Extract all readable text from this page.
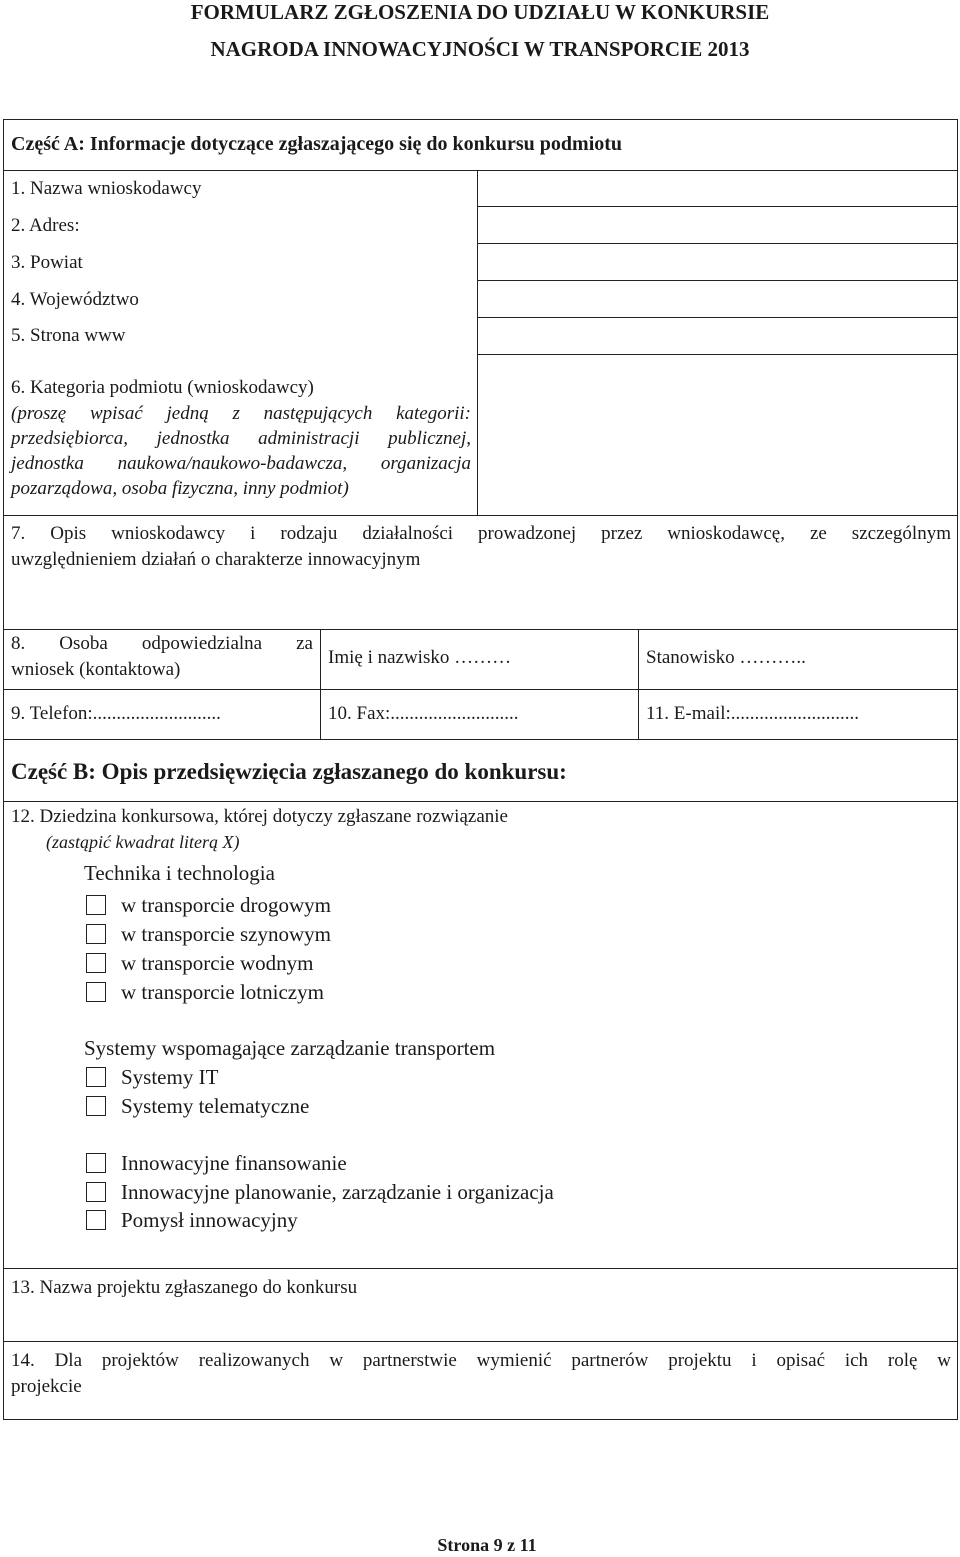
FORMULARZ ZGŁOSZENIA DO UDZIAŁU W KONKURSIE
NAGRODA INNOWACYJNOŚCI W TRANSPORCIE 2013
Część A: Informacje dotyczące zgłaszającego się do konkursu podmiotu
1. Nazwa wnioskodawcy
2. Adres:
3. Powiat
4. Województwo
5. Strona www
6. Kategoria podmiotu (wnioskodawcy)
(proszę wpisać jedną z następujących kategorii:
przedsiębiorca, jednostka administracji publicznej,
jednostka naukowa/naukowo-badawcza, organizacja
pozarządowa, osoba fizyczna, inny podmiot)
7. Opis wnioskodawcy i rodzaju działalności prowadzonej przez wnioskodawcę, ze szczególnym
uwzględnieniem działań o charakterze innowacyjnym
8. Osoba odpowiedzialna za
wniosek (kontaktowa)
Imię i nazwisko ………	Stanowisko ………..
9. Telefon:...........................	10. Fax:...........................	11. E-mail:...........................
Część B: Opis przedsięwzięcia zgłaszanego do konkursu:
12. Dziedzina konkursowa, której dotyczy zgłaszane rozwiązanie
(zastąpić kwadrat literą X)
Technika i technologia
w transporcie drogowym
w transporcie szynowym
w transporcie wodnym
w transporcie lotniczym
Systemy wspomagające zarządzanie transportem
Systemy IT
Systemy telematyczne
Innowacyjne finansowanie
Innowacyjne planowanie, zarządzanie i organizacja
Pomysł innowacyjny
13. Nazwa projektu zgłaszanego do konkursu
14. Dla projektów realizowanych w partnerstwie wymienić partnerów projektu i opisać ich rolę w
projekcie
Strona 9 z 11
